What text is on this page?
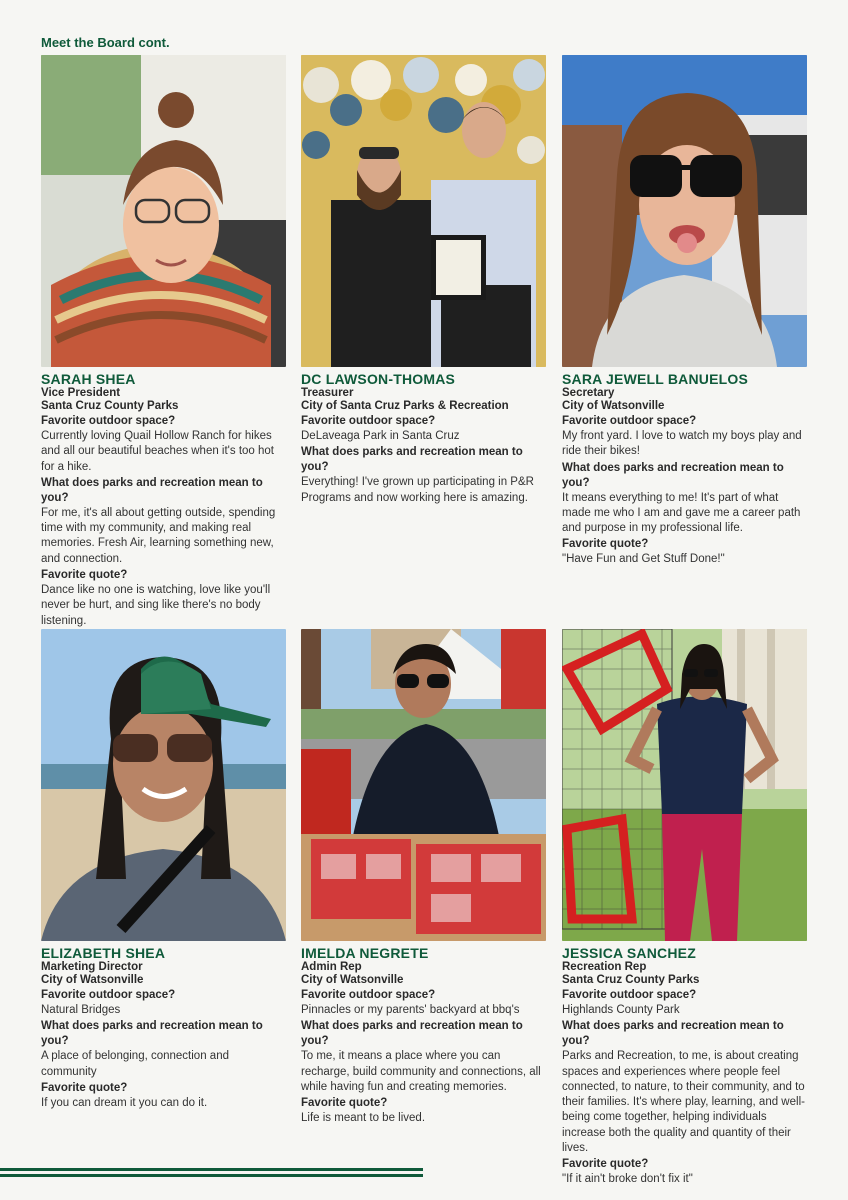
Meet the Board cont.
SARAH SHEA
Vice President
Santa Cruz County Parks
Favorite outdoor space?
Currently loving Quail Hollow Ranch for hikes and all our beautiful beaches when it's too hot for a hike.
What does parks and recreation mean to you?
For me, it's all about getting outside, spending time with my community, and making real memories. Fresh Air, learning something new, and connection.
Favorite quote?
Dance like no one is watching, love like you'll never be hurt, and sing like there's no body listening.
DC LAWSON-THOMAS
Treasurer
City of Santa Cruz Parks & Recreation
Favorite outdoor space?
DeLaveaga Park in Santa Cruz
What does parks and recreation mean to you?
Everything! I've grown up participating in P&R Programs and now working here is amazing.
SARA JEWELL BANUELOS
Secretary
City of Watsonville
Favorite outdoor space?
My front yard. I love to watch my boys play and ride their bikes!
What does parks and recreation mean to you?
It means everything to me! It's part of what made me who I am and gave me a career path and purpose in my professional life.
Favorite quote?
"Have Fun and Get Stuff Done!"
ELIZABETH SHEA
Marketing Director
City of Watsonville
Favorite outdoor space?
Natural Bridges
What does parks and recreation mean to you?
A place of belonging, connection and community
Favorite quote?
If you can dream it you can do it.
IMELDA NEGRETE
Admin Rep
City of Watsonville
Favorite outdoor space?
Pinnacles or my parents' backyard at bbq's
What does parks and recreation mean to you?
To me, it means a place where you can recharge, build community and connections, all while having fun and creating memories.
Favorite quote?
Life is meant to be lived.
JESSICA SANCHEZ
Recreation Rep
Santa Cruz County Parks
Favorite outdoor space?
Highlands County Park
What does parks and recreation mean to you?
Parks and Recreation, to me, is about creating spaces and experiences where people feel connected, to nature, to their community, and to their families. It's where play, learning, and well-being come together, helping individuals increase both the quality and quantity of their lives.
Favorite quote?
"If it ain't broke don't fix it"
